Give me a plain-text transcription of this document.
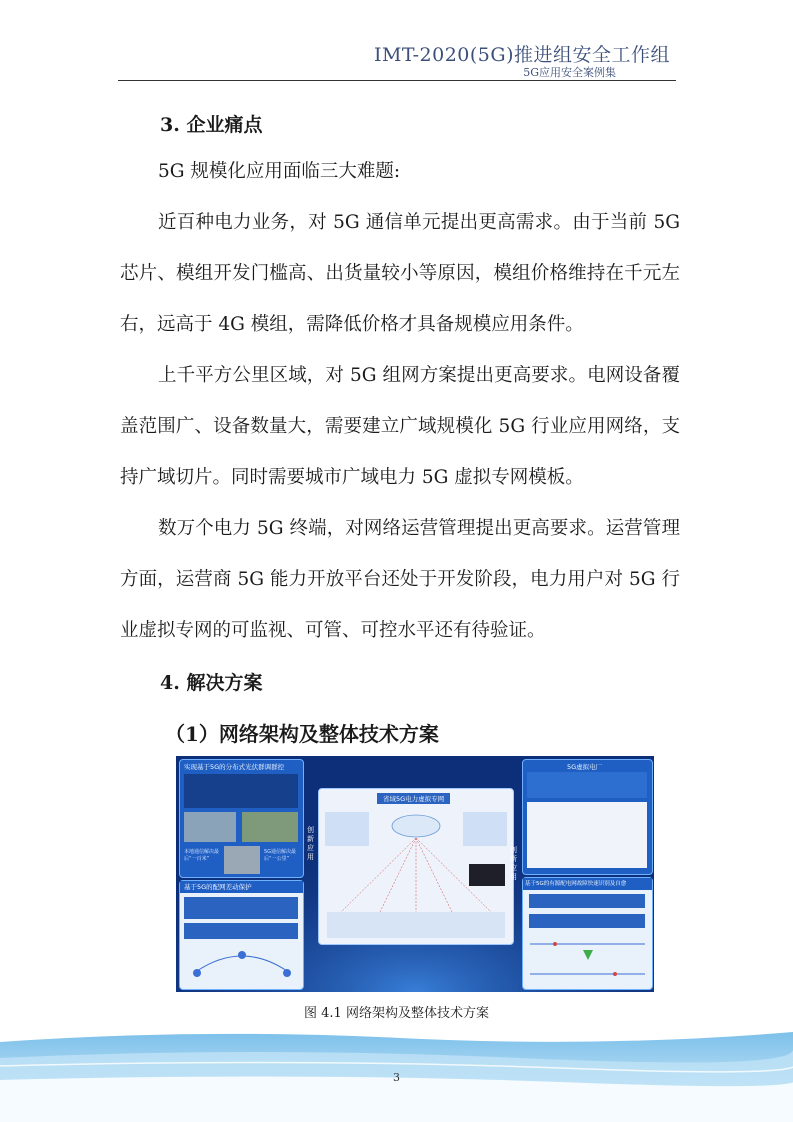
IMT-2020(5G)推进组安全工作组
5G应用安全案例集
3. 企业痛点
5G 规模化应用面临三大难题:
近百种电力业务，对 5G 通信单元提出更高需求。由于当前 5G 芯片、模组开发门槛高、出货量较小等原因，模组价格维持在千元左右，远高于 4G 模组，需降低价格才具备规模应用条件。
上千平方公里区域，对 5G 组网方案提出更高要求。电网设备覆盖范围广、设备数量大，需要建立广域规模化 5G 行业应用网络，支持广域切片。同时需要城市广域电力 5G 虚拟专网模板。
数万个电力 5G 终端，对网络运营管理提出更高要求。运营管理方面，运营商 5G 能力开放平台还处于开发阶段，电力用户对 5G 行业虚拟专网的可监视、可管、可控水平还有待验证。
4. 解决方案
（1）网络架构及整体技术方案
实现基于5G的分布式光伏群调群控
本地通信解决最后“一百米”
5G通信解决最后“一公里”
基于5G的配网差动保护
省域5G电力虚拟专网
创新应用
创新应用
5G虚拟电厂
基于5G的有源配电网故障快速识别及自愈
图 4.1 网络架构及整体技术方案
3
